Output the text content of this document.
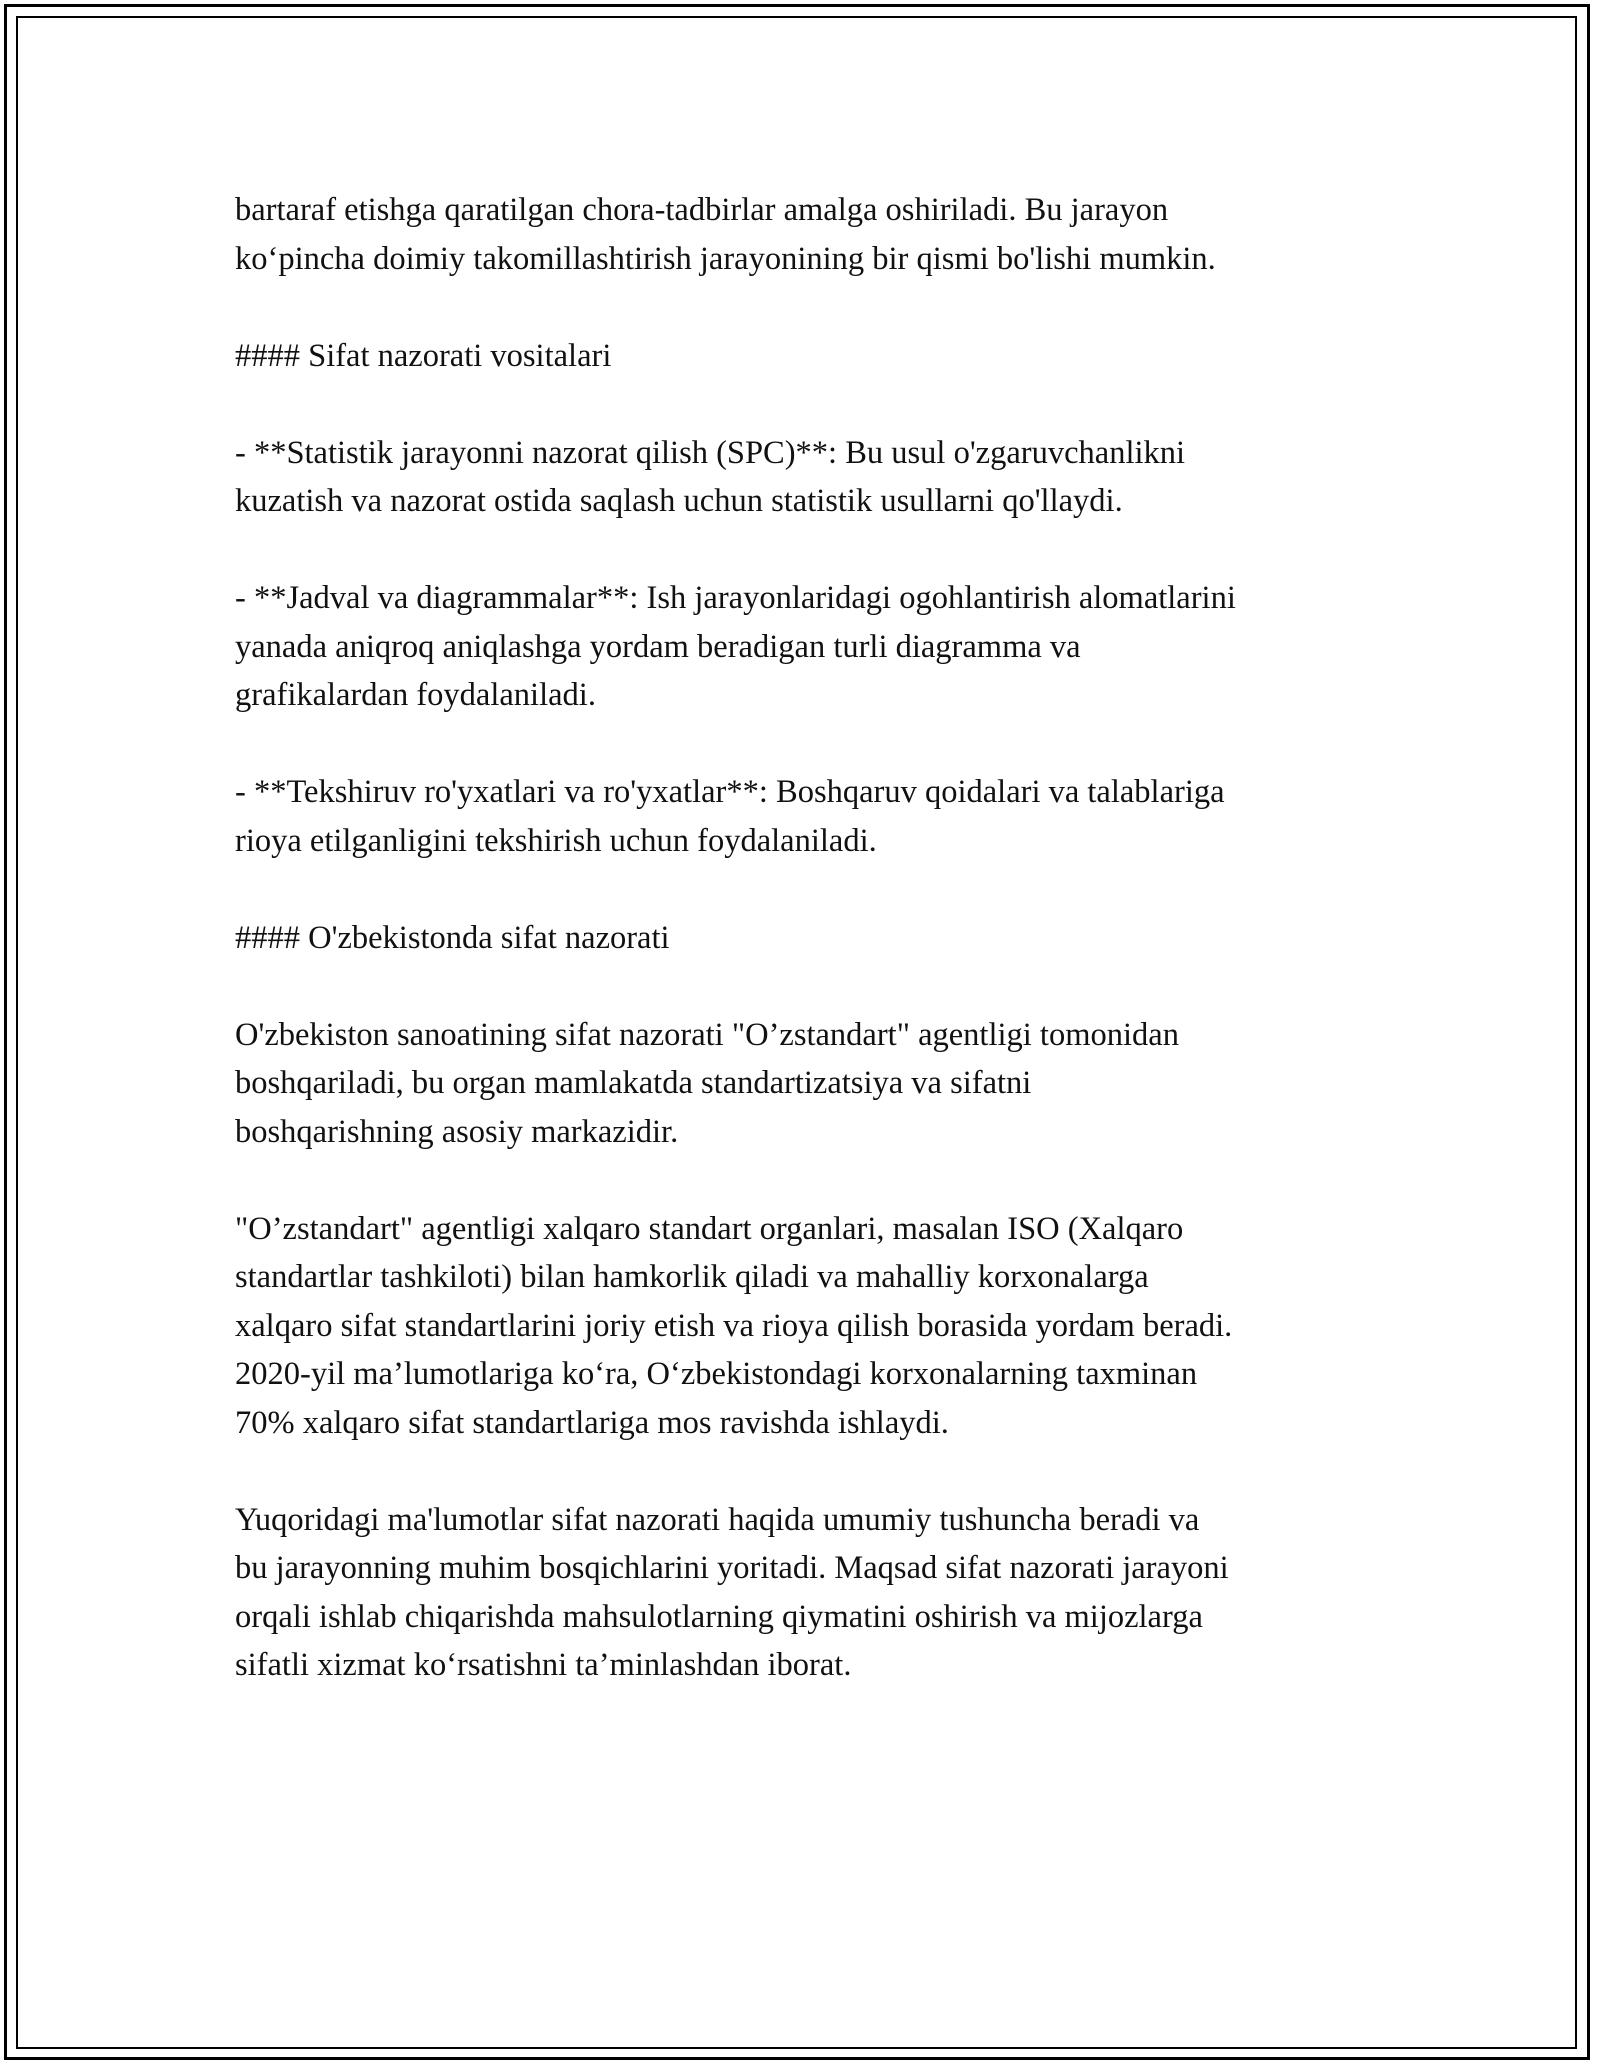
bartaraf etishga qaratilgan chora-tadbirlar amalga oshiriladi. Bu jarayon
koʻpincha doimiy takomillashtirish jarayonining bir qismi bo'lishi mumkin.

#### Sifat nazorati vositalari

- **Statistik jarayonni nazorat qilish (SPC)**: Bu usul o'zgaruvchanlikni
kuzatish va nazorat ostida saqlash uchun statistik usullarni qo'llaydi.

- **Jadval va diagrammalar**: Ish jarayonlaridagi ogohlantirish alomatlarini
yanada aniqroq aniqlashga yordam beradigan turli diagramma va
grafikalardan foydalaniladi.

- **Tekshiruv ro'yxatlari va ro'yxatlar**: Boshqaruv qoidalari va talablariga
rioya etilganligini tekshirish uchun foydalaniladi.

#### O'zbekistonda sifat nazorati

O'zbekiston sanoatining sifat nazorati "O’zstandart" agentligi tomonidan
boshqariladi, bu organ mamlakatda standartizatsiya va sifatni
boshqarishning asosiy markazidir.

"O’zstandart" agentligi xalqaro standart organlari, masalan ISO (Xalqaro
standartlar tashkiloti) bilan hamkorlik qiladi va mahalliy korxonalarga
xalqaro sifat standartlarini joriy etish va rioya qilish borasida yordam beradi.
2020-yil ma’lumotlariga koʻra, Oʻzbekistondagi korxonalarning taxminan
70% xalqaro sifat standartlariga mos ravishda ishlaydi.

Yuqoridagi ma'lumotlar sifat nazorati haqida umumiy tushuncha beradi va
bu jarayonning muhim bosqichlarini yoritadi. Maqsad sifat nazorati jarayoni
orqali ishlab chiqarishda mahsulotlarning qiymatini oshirish va mijozlarga
sifatli xizmat koʻrsatishni ta’minlashdan iborat.
